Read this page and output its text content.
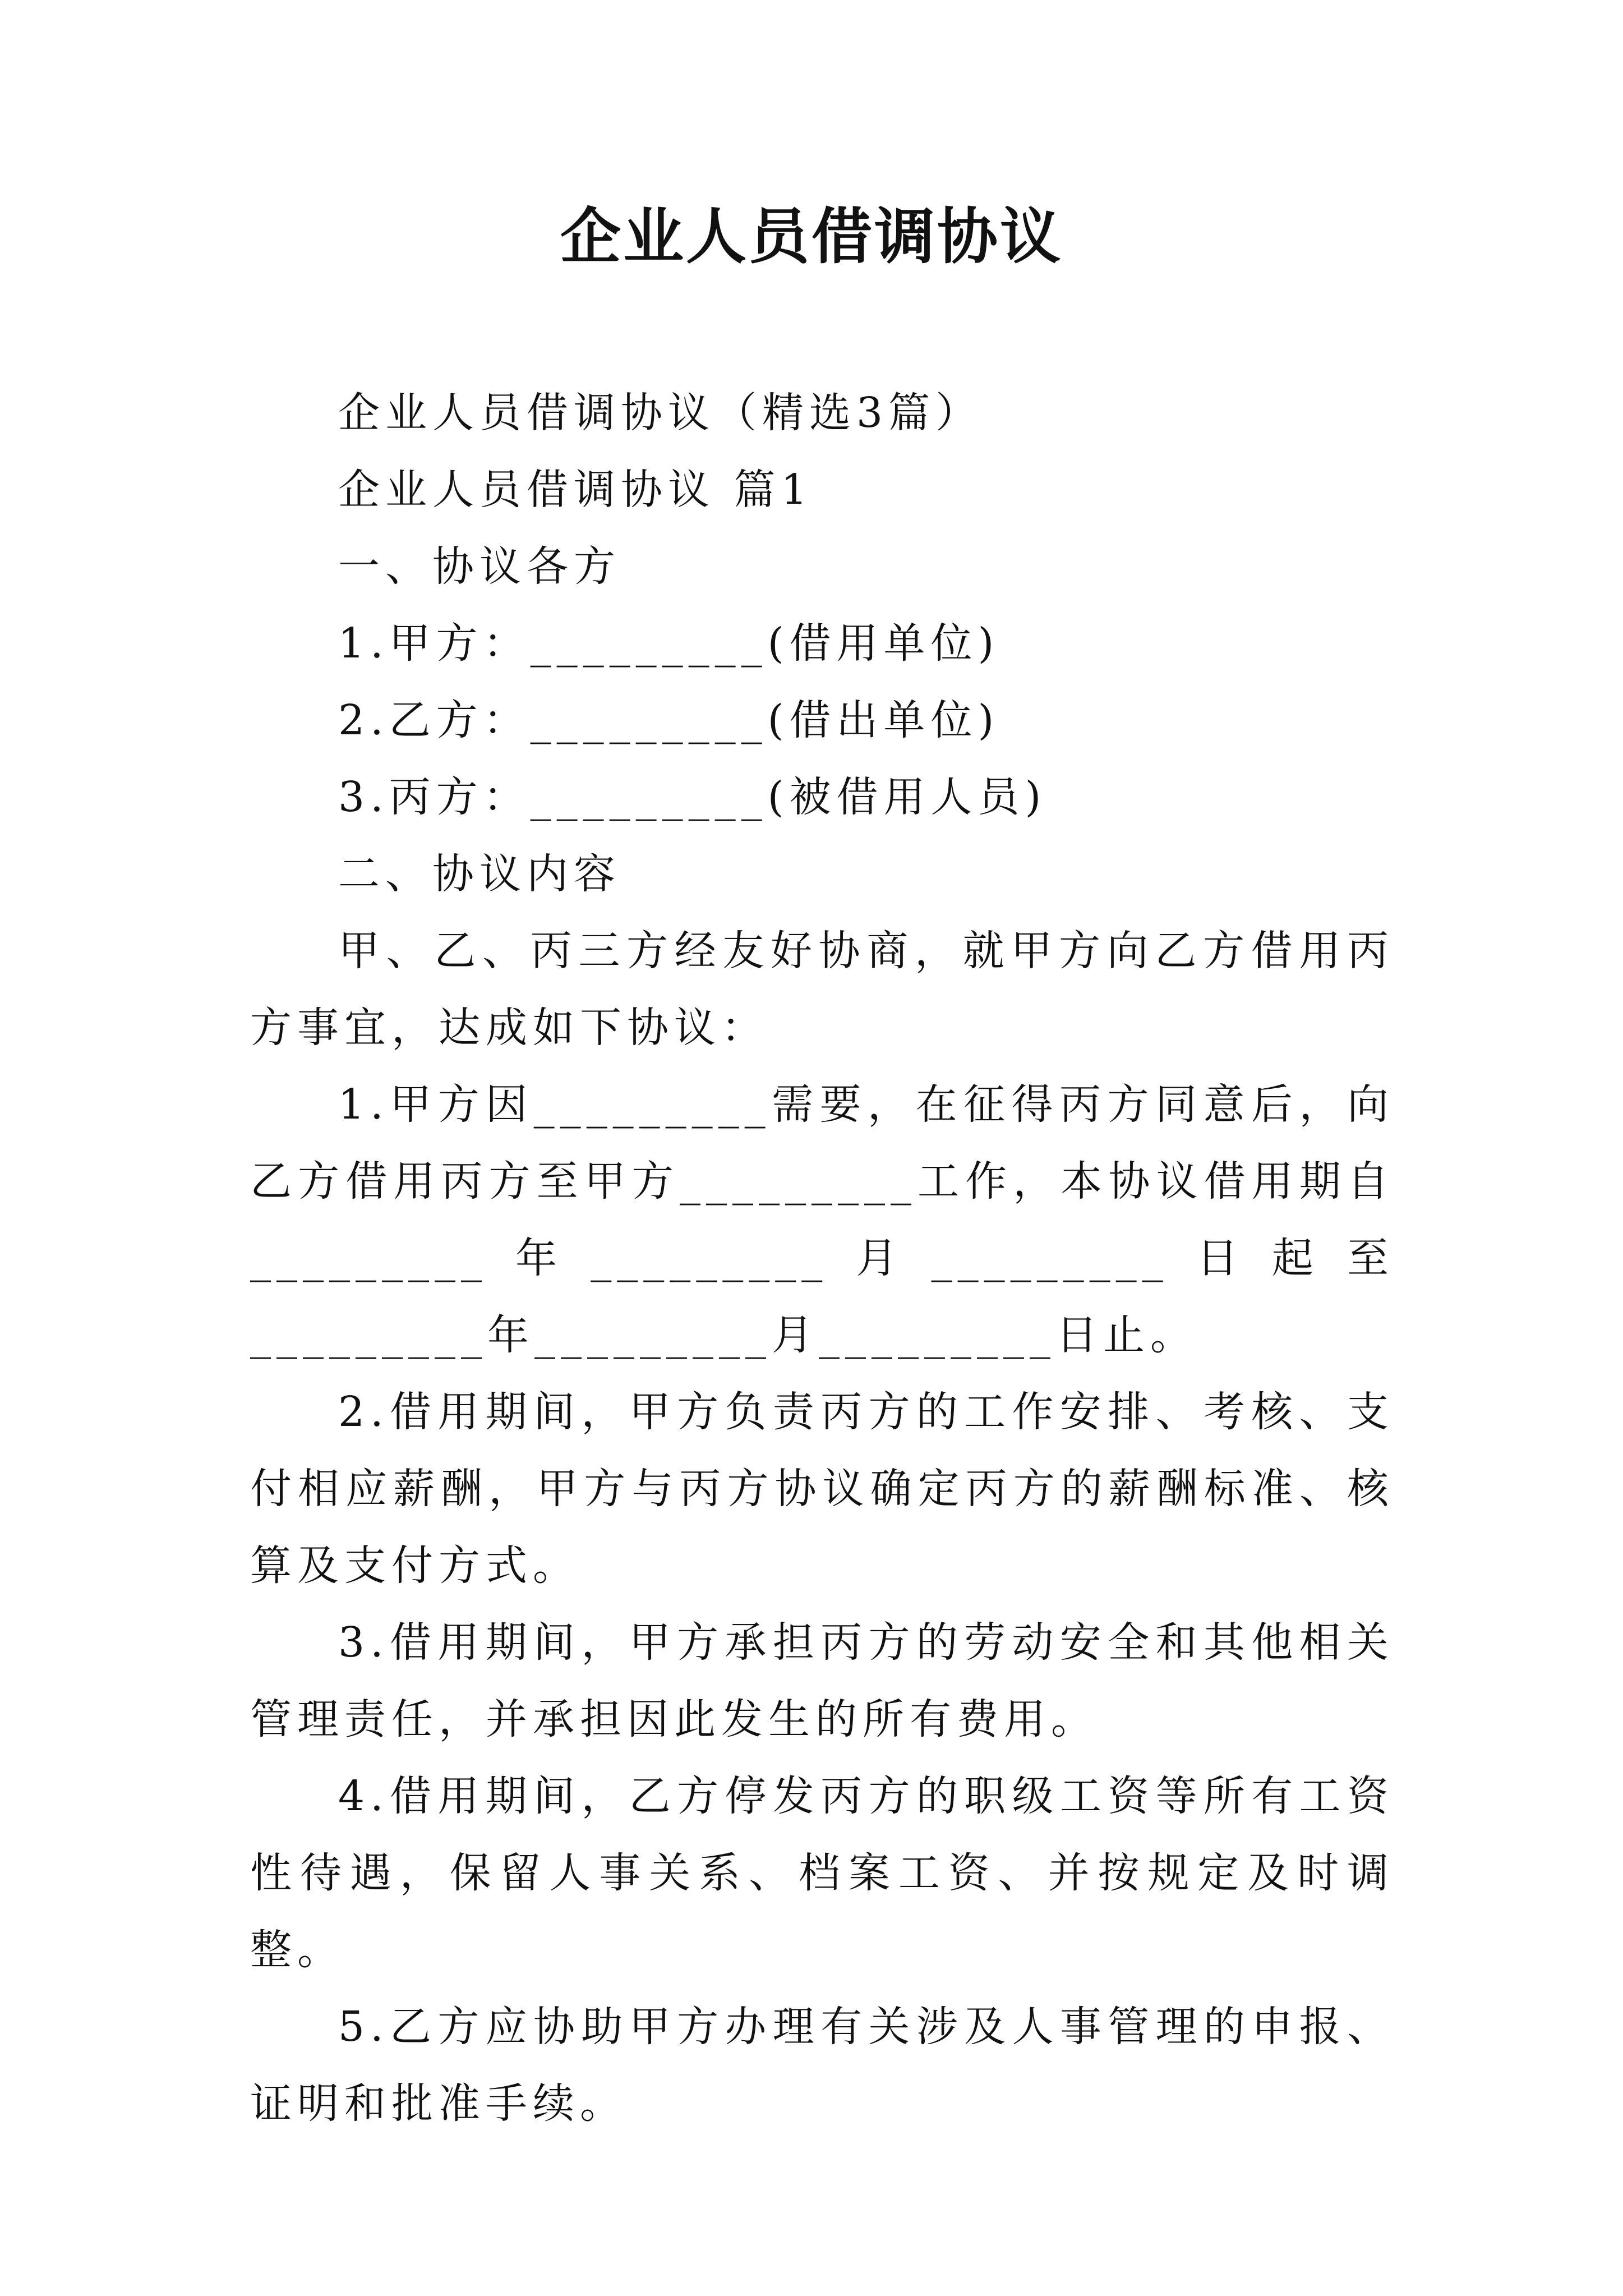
企业人员借调协议

企业人员借调协议（精选3篇）

企业人员借调协议 篇1

一、协议各方

1.甲方：_________(借用单位)

2.乙方：_________(借出单位)

3.丙方：_________(被借用人员)

二、协议内容

甲、乙、丙三方经友好协商，就甲方向乙方借用丙方事宜，达成如下协议：

1.甲方因_________需要，在征得丙方同意后，向乙方借用丙方至甲方_________工作，本协议借用期自_________年_________月_________日起至_________年_________月_________日止。

2.借用期间，甲方负责丙方的工作安排、考核、支付相应薪酬，甲方与丙方协议确定丙方的薪酬标准、核算及支付方式。

3.借用期间，甲方承担丙方的劳动安全和其他相关管理责任，并承担因此发生的所有费用。

4.借用期间，乙方停发丙方的职级工资等所有工资性待遇，保留人事关系、档案工资、并按规定及时调整。

5.乙方应协助甲方办理有关涉及人事管理的申报、证明和批准手续。
